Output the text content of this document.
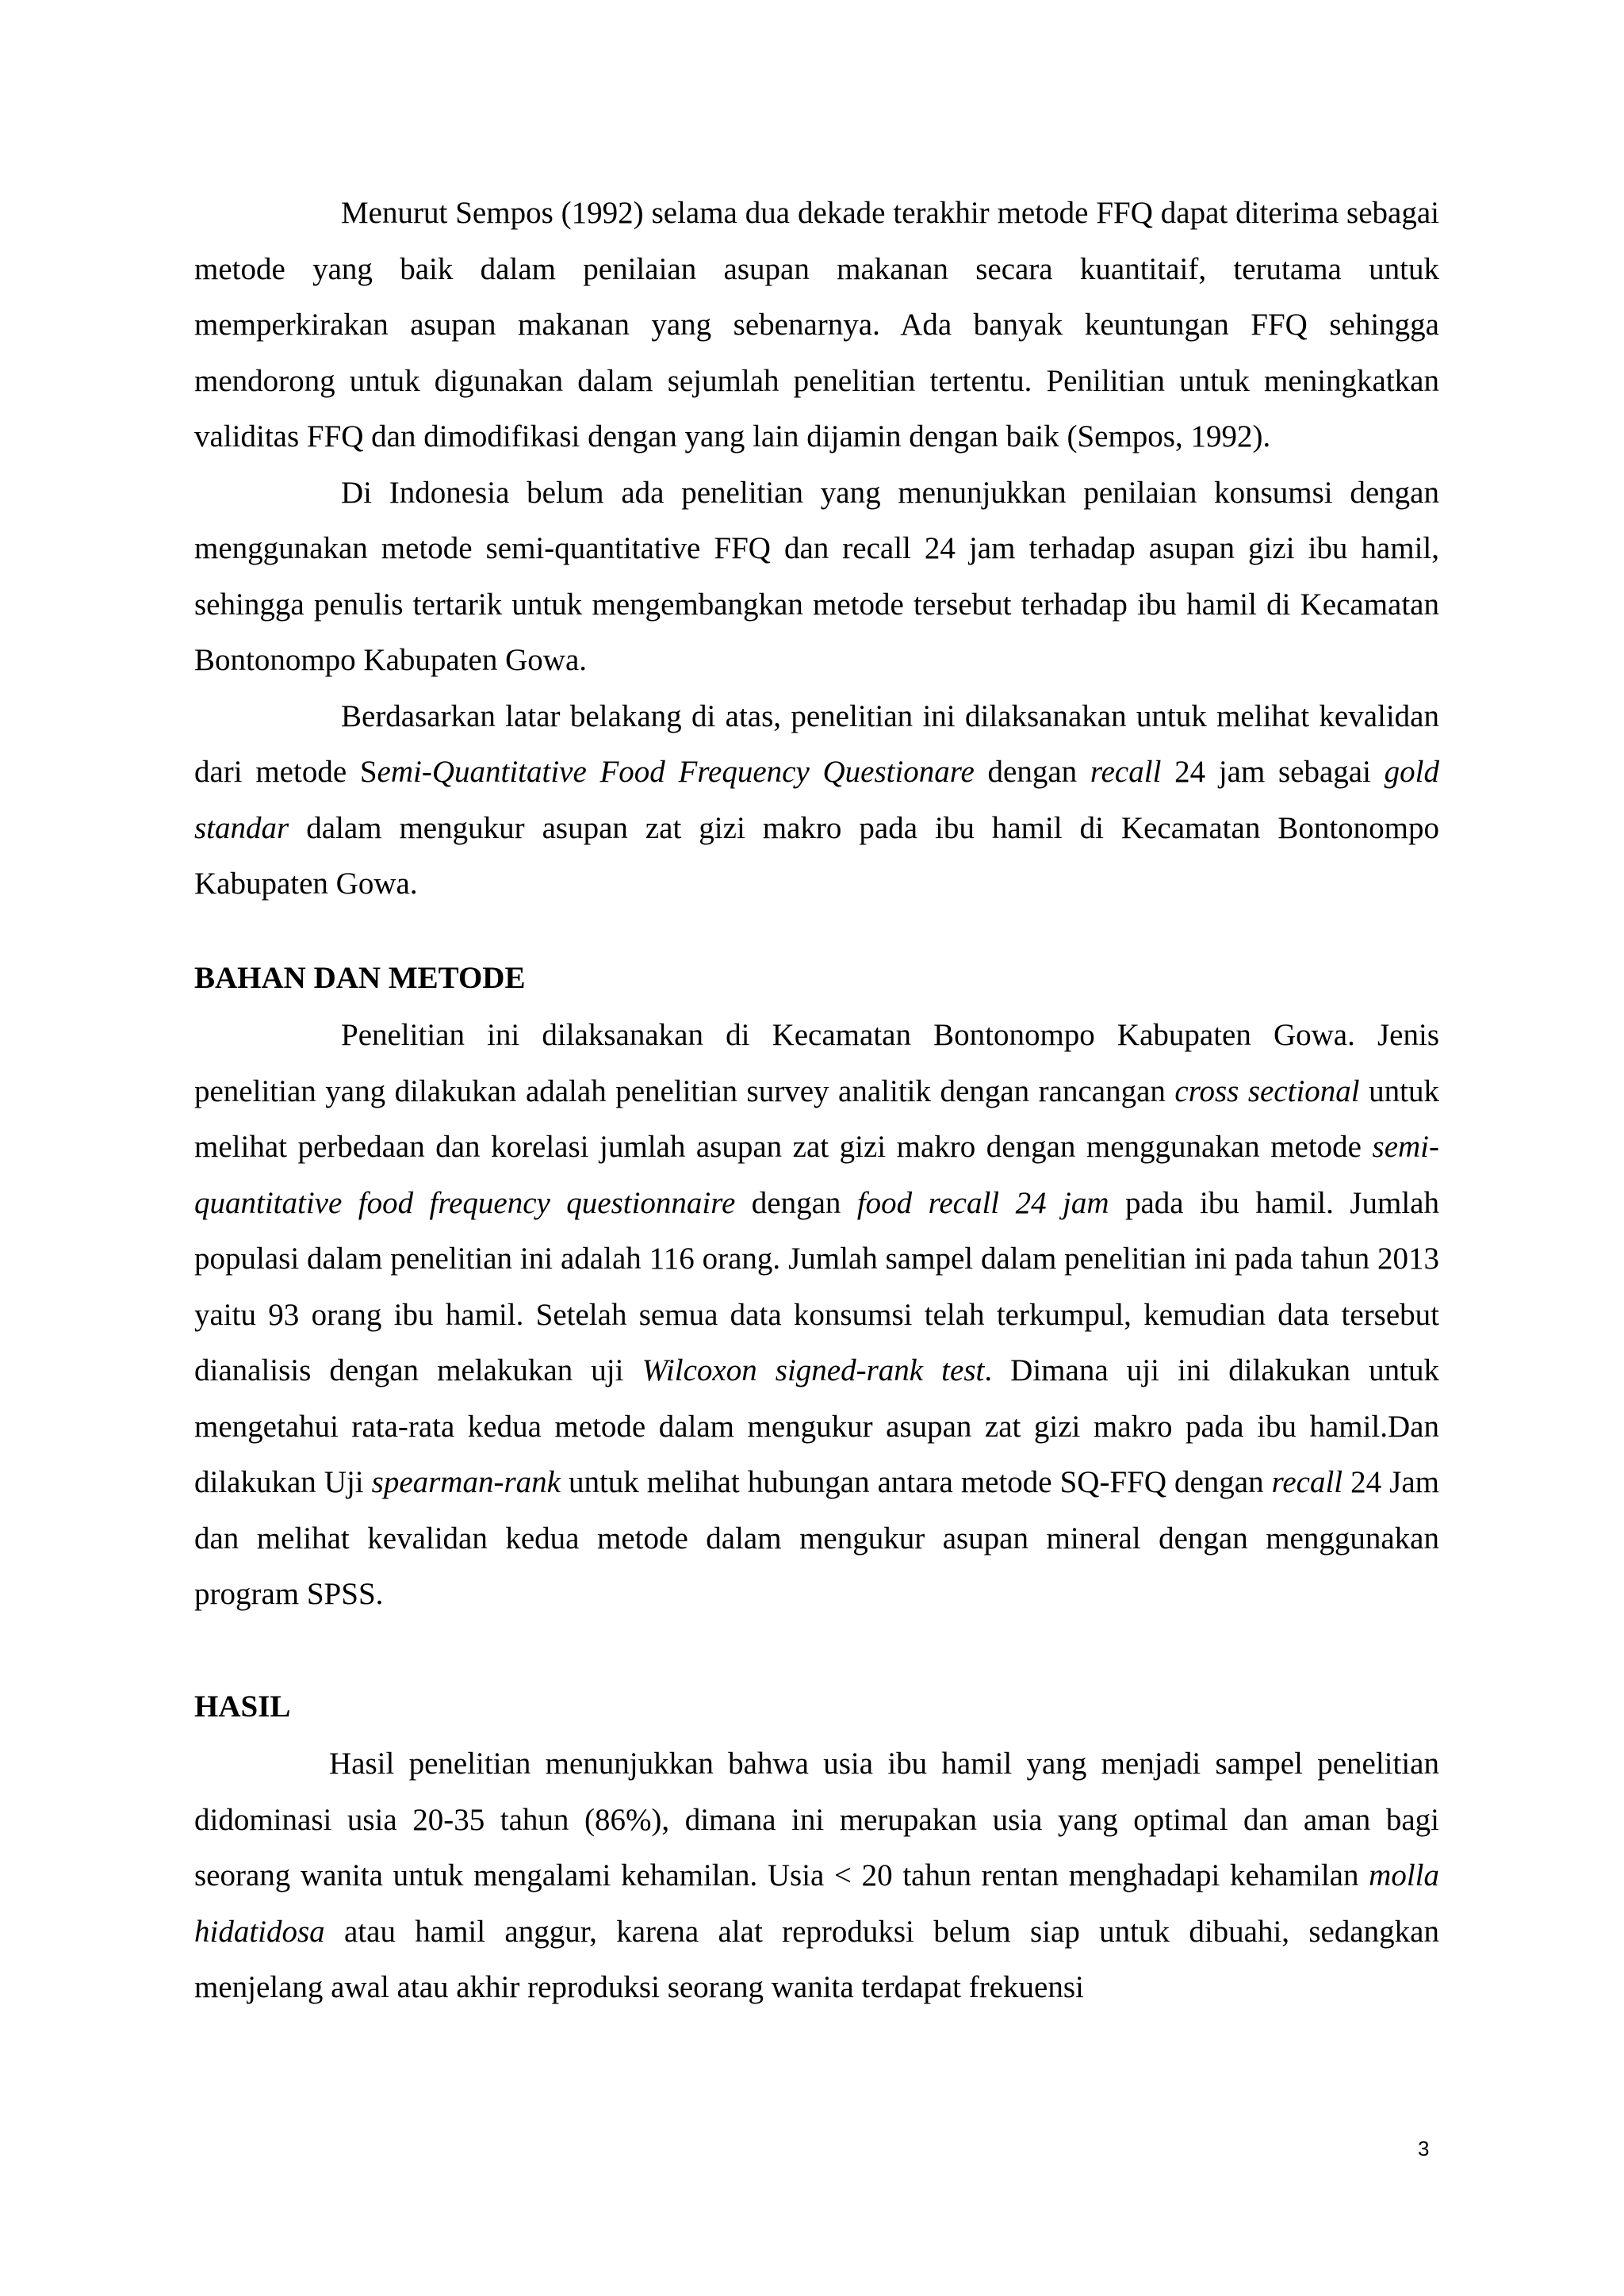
Menurut Sempos (1992) selama dua dekade terakhir metode FFQ dapat diterima sebagai metode yang baik dalam penilaian asupan makanan secara kuantitaif, terutama untuk memperkirakan asupan makanan yang sebenarnya. Ada banyak keuntungan FFQ sehingga mendorong untuk digunakan dalam sejumlah penelitian tertentu. Penilitian untuk meningkatkan validitas FFQ dan dimodifikasi dengan yang lain dijamin dengan baik (Sempos, 1992).

Di Indonesia belum ada penelitian yang menunjukkan penilaian konsumsi dengan menggunakan metode semi-quantitative FFQ dan recall 24 jam terhadap asupan gizi ibu hamil, sehingga penulis tertarik untuk mengembangkan metode tersebut terhadap ibu hamil di Kecamatan Bontonompo Kabupaten Gowa.

Berdasarkan latar belakang di atas, penelitian ini dilaksanakan untuk melihat kevalidan dari metode Semi-Quantitative Food Frequency Questionare dengan recall 24 jam sebagai gold standar dalam mengukur asupan zat gizi makro pada ibu hamil di Kecamatan Bontonompo Kabupaten Gowa.

BAHAN DAN METODE

Penelitian ini dilaksanakan di Kecamatan Bontonompo Kabupaten Gowa. Jenis penelitian yang dilakukan adalah penelitian survey analitik dengan rancangan cross sectional untuk melihat perbedaan dan korelasi jumlah asupan zat gizi makro dengan menggunakan metode semi-quantitative food frequency questionnaire dengan food recall 24 jam pada ibu hamil. Jumlah populasi dalam penelitian ini adalah 116 orang. Jumlah sampel dalam penelitian ini pada tahun 2013 yaitu 93 orang ibu hamil. Setelah semua data konsumsi telah terkumpul, kemudian data tersebut dianalisis dengan melakukan uji Wilcoxon signed-rank test. Dimana uji ini dilakukan untuk mengetahui rata-rata kedua metode dalam mengukur asupan zat gizi makro pada ibu hamil.Dan dilakukan Uji spearman-rank untuk melihat hubungan antara metode SQ-FFQ dengan recall 24 Jam dan melihat kevalidan kedua metode dalam mengukur asupan mineral dengan menggunakan program SPSS.

HASIL

Hasil penelitian menunjukkan bahwa usia ibu hamil yang menjadi sampel penelitian didominasi usia 20-35 tahun (86%), dimana ini merupakan usia yang optimal dan aman bagi seorang wanita untuk mengalami kehamilan. Usia < 20 tahun rentan menghadapi kehamilan molla hidatidosa atau hamil anggur, karena alat reproduksi belum siap untuk dibuahi, sedangkan menjelang awal atau akhir reproduksi seorang wanita terdapat frekuensi

3
